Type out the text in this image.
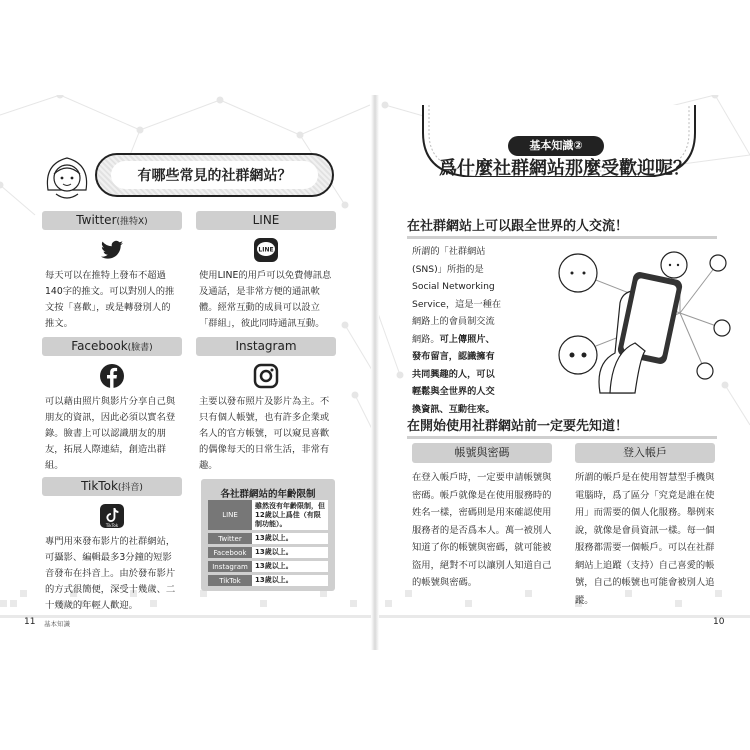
有哪些常見的社群網站？
Twitter(推特X)
每天可以在推特上發布不超過140字的推文。可以對別人的推文按「喜歡」，或是轉發別人的推文。
LINE
LINE
使用LINE的用戶可以免費傳訊息及通話，是非常方便的通訊軟體。經常互動的成員可以設立「群組」，彼此同時通訊互動。
Facebook(臉書)
可以藉由照片與影片分享自己與朋友的資訊，因此必須以實名登錄。臉書上可以認識朋友的朋友，拓展人際連結，創造出群組。
Instagram
主要以發布照片及影片為主。不只有個人帳號，也有許多企業或名人的官方帳號，可以窺見喜歡的偶像每天的日常生活，非常有趣。
TikTok(抖音)
TikTok
專門用來發布影片的社群網站，可攝影、編輯最多3分鐘的短影音發布在抖音上。由於發布影片的方式很簡便，深受十幾歲、二十幾歲的年輕人歡迎。
各社群網站的年齡限制
LINE
雖然沒有年齡限制，但12歲以上爲佳（有限制功能）。
Twitter	13歲以上。
Facebook	13歲以上。
Instagram	13歲以上。
TikTok	13歲以上。
11 基本知識
基本知識②
爲什麼社群網站那麼受歡迎呢？
在社群網站上可以跟全世界的人交流！
所謂的「社群網站
(SNS)」所指的是
Social Networking
Service，這是一種在
網路上的會員制交流
網路。可上傳照片、
發布留言，認識擁有
共同興趣的人，可以
輕鬆與全世界的人交
換資訊、互動往來。
在開始使用社群網站前一定要先知道！
帳號與密碼
在登入帳戶時，一定要申請帳號與密碼。帳戶就像是在使用服務時的姓名一樣，密碼則是用來確認使用服務者的是否爲本人。萬一被別人知道了你的帳號與密碼，就可能被盜用，絕對不可以讓別人知道自己的帳號與密碼。
登入帳戶
所謂的帳戶是在使用智慧型手機與電腦時，爲了區分「究竟是誰在使用」而需要的個人化服務。舉例來說，就像是會員資訊一樣。每一個服務都需要一個帳戶。可以在社群網站上追蹤（支持）自己喜愛的帳號，自己的帳號也可能會被別人追蹤。
10
